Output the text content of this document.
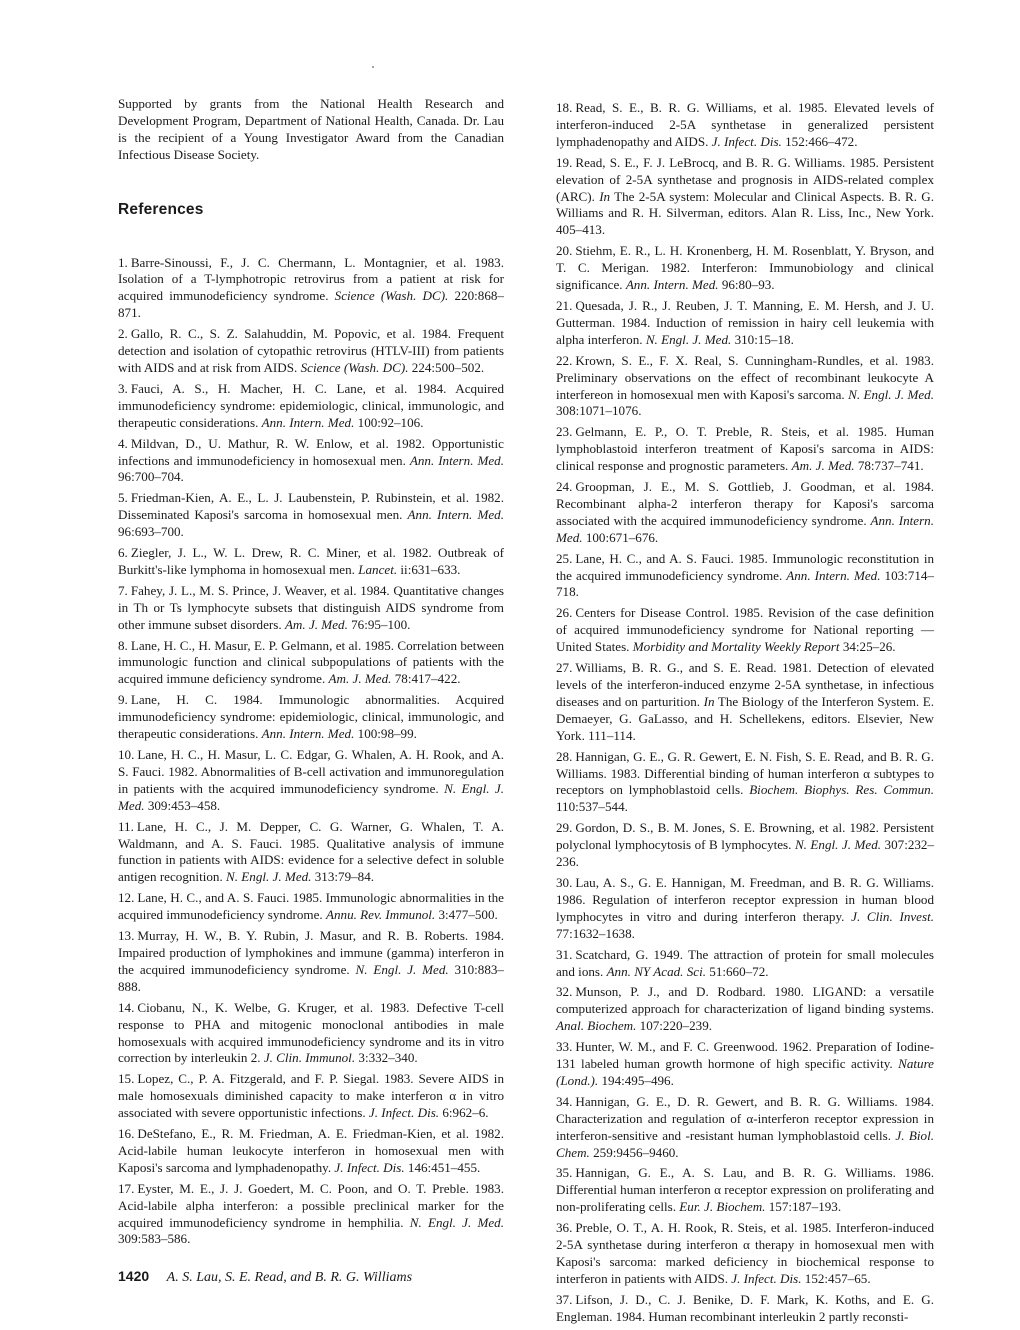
Supported by grants from the National Health Research and Development Program, Department of National Health, Canada. Dr. Lau is the recipient of a Young Investigator Award from the Canadian Infectious Disease Society.

References

1. Barre-Sinoussi, F., J. C. Chermann, L. Montagnier, et al. 1983. Isolation of a T-lymphotropic retrovirus from a patient at risk for acquired immunodeficiency syndrome. Science (Wash. DC). 220:868–871.

2. Gallo, R. C., S. Z. Salahuddin, M. Popovic, et al. 1984. Frequent detection and isolation of cytopathic retrovirus (HTLV-III) from patients with AIDS and at risk from AIDS. Science (Wash. DC). 224:500–502.

3. Fauci, A. S., H. Macher, H. C. Lane, et al. 1984. Acquired immunodeficiency syndrome: epidemiologic, clinical, immunologic, and therapeutic considerations. Ann. Intern. Med. 100:92–106.

4. Mildvan, D., U. Mathur, R. W. Enlow, et al. 1982. Opportunistic infections and immunodeficiency in homosexual men. Ann. Intern. Med. 96:700–704.

5. Friedman-Kien, A. E., L. J. Laubenstein, P. Rubinstein, et al. 1982. Disseminated Kaposi's sarcoma in homosexual men. Ann. Intern. Med. 96:693–700.

6. Ziegler, J. L., W. L. Drew, R. C. Miner, et al. 1982. Outbreak of Burkitt's-like lymphoma in homosexual men. Lancet. ii:631–633.

7. Fahey, J. L., M. S. Prince, J. Weaver, et al. 1984. Quantitative changes in Th or Ts lymphocyte subsets that distinguish AIDS syndrome from other immune subset disorders. Am. J. Med. 76:95–100.

8. Lane, H. C., H. Masur, E. P. Gelmann, et al. 1985. Correlation between immunologic function and clinical subpopulations of patients with the acquired immune deficiency syndrome. Am. J. Med. 78:417–422.

9. Lane, H. C. 1984. Immunologic abnormalities. Acquired immunodeficiency syndrome: epidemiologic, clinical, immunologic, and therapeutic considerations. Ann. Intern. Med. 100:98–99.

10. Lane, H. C., H. Masur, L. C. Edgar, G. Whalen, A. H. Rook, and A. S. Fauci. 1982. Abnormalities of B-cell activation and immunoregulation in patients with the acquired immunodeficiency syndrome. N. Engl. J. Med. 309:453–458.

11. Lane, H. C., J. M. Depper, C. G. Warner, G. Whalen, T. A. Waldmann, and A. S. Fauci. 1985. Qualitative analysis of immune function in patients with AIDS: evidence for a selective defect in soluble antigen recognition. N. Engl. J. Med. 313:79–84.

12. Lane, H. C., and A. S. Fauci. 1985. Immunologic abnormalities in the acquired immunodeficiency syndrome. Annu. Rev. Immunol. 3:477–500.

13. Murray, H. W., B. Y. Rubin, J. Masur, and R. B. Roberts. 1984. Impaired production of lymphokines and immune (gamma) interferon in the acquired immunodeficiency syndrome. N. Engl. J. Med. 310:883–888.

14. Ciobanu, N., K. Welbe, G. Kruger, et al. 1983. Defective T-cell response to PHA and mitogenic monoclonal antibodies in male homosexuals with acquired immunodeficiency syndrome and its in vitro correction by interleukin 2. J. Clin. Immunol. 3:332–340.

15. Lopez, C., P. A. Fitzgerald, and F. P. Siegal. 1983. Severe AIDS in male homosexuals diminished capacity to make interferon α in vitro associated with severe opportunistic infections. J. Infect. Dis. 6:962–6.

16. DeStefano, E., R. M. Friedman, A. E. Friedman-Kien, et al. 1982. Acid-labile human leukocyte interferon in homosexual men with Kaposi's sarcoma and lymphadenopathy. J. Infect. Dis. 146:451–455.

17. Eyster, M. E., J. J. Goedert, M. C. Poon, and O. T. Preble. 1983. Acid-labile alpha interferon: a possible preclinical marker for the acquired immunodeficiency syndrome in hemphilia. N. Engl. J. Med. 309:583–586.

18. Read, S. E., B. R. G. Williams, et al. 1985. Elevated levels of interferon-induced 2-5A synthetase in generalized persistent lymphadenopathy and AIDS. J. Infect. Dis. 152:466–472.

19. Read, S. E., F. J. LeBrocq, and B. R. G. Williams. 1985. Persistent elevation of 2-5A synthetase and prognosis in AIDS-related complex (ARC). In The 2-5A system: Molecular and Clinical Aspects. B. R. G. Williams and R. H. Silverman, editors. Alan R. Liss, Inc., New York. 405–413.

20. Stiehm, E. R., L. H. Kronenberg, H. M. Rosenblatt, Y. Bryson, and T. C. Merigan. 1982. Interferon: Immunobiology and clinical significance. Ann. Intern. Med. 96:80–93.

21. Quesada, J. R., J. Reuben, J. T. Manning, E. M. Hersh, and J. U. Gutterman. 1984. Induction of remission in hairy cell leukemia with alpha interferon. N. Engl. J. Med. 310:15–18.

22. Krown, S. E., F. X. Real, S. Cunningham-Rundles, et al. 1983. Preliminary observations on the effect of recombinant leukocyte A interfereon in homosexual men with Kaposi's sarcoma. N. Engl. J. Med. 308:1071–1076.

23. Gelmann, E. P., O. T. Preble, R. Steis, et al. 1985. Human lymphoblastoid interferon treatment of Kaposi's sarcoma in AIDS: clinical response and prognostic parameters. Am. J. Med. 78:737–741.

24. Groopman, J. E., M. S. Gottlieb, J. Goodman, et al. 1984. Recombinant alpha-2 interferon therapy for Kaposi's sarcoma associated with the acquired immunodeficiency syndrome. Ann. Intern. Med. 100:671–676.

25. Lane, H. C., and A. S. Fauci. 1985. Immunologic reconstitution in the acquired immunodeficiency syndrome. Ann. Intern. Med. 103:714–718.

26. Centers for Disease Control. 1985. Revision of the case definition of acquired immunodeficiency syndrome for National reporting —United States. Morbidity and Mortality Weekly Report 34:25–26.

27. Williams, B. R. G., and S. E. Read. 1981. Detection of elevated levels of the interferon-induced enzyme 2-5A synthetase, in infectious diseases and on parturition. In The Biology of the Interferon System. E. Demaeyer, G. GaLasso, and H. Schellekens, editors. Elsevier, New York. 111–114.

28. Hannigan, G. E., G. R. Gewert, E. N. Fish, S. E. Read, and B. R. G. Williams. 1983. Differential binding of human interferon α subtypes to receptors on lymphoblastoid cells. Biochem. Biophys. Res. Commun. 110:537–544.

29. Gordon, D. S., B. M. Jones, S. E. Browning, et al. 1982. Persistent polyclonal lymphocytosis of B lymphocytes. N. Engl. J. Med. 307:232–236.

30. Lau, A. S., G. E. Hannigan, M. Freedman, and B. R. G. Williams. 1986. Regulation of interferon receptor expression in human blood lymphocytes in vitro and during interferon therapy. J. Clin. Invest. 77:1632–1638.

31. Scatchard, G. 1949. The attraction of protein for small molecules and ions. Ann. NY Acad. Sci. 51:660–72.

32. Munson, P. J., and D. Rodbard. 1980. LIGAND: a versatile computerized approach for characterization of ligand binding systems. Anal. Biochem. 107:220–239.

33. Hunter, W. M., and F. C. Greenwood. 1962. Preparation of Iodine-131 labeled human growth hormone of high specific activity. Nature (Lond.). 194:495–496.

34. Hannigan, G. E., D. R. Gewert, and B. R. G. Williams. 1984. Characterization and regulation of α-interferon receptor expression in interferon-sensitive and -resistant human lymphoblastoid cells. J. Biol. Chem. 259:9456–9460.

35. Hannigan, G. E., A. S. Lau, and B. R. G. Williams. 1986. Differential human interferon α receptor expression on proliferating and non-proliferating cells. Eur. J. Biochem. 157:187–193.

36. Preble, O. T., A. H. Rook, R. Steis, et al. 1985. Interferon-induced 2-5A synthetase during interferon α therapy in homosexual men with Kaposi's sarcoma: marked deficiency in biochemical response to interferon in patients with AIDS. J. Infect. Dis. 152:457–65.

37. Lifson, J. D., C. J. Benike, D. F. Mark, K. Koths, and E. G. Engleman. 1984. Human recombinant interleukin 2 partly reconsti-

1420 A. S. Lau, S. E. Read, and B. R. G. Williams
